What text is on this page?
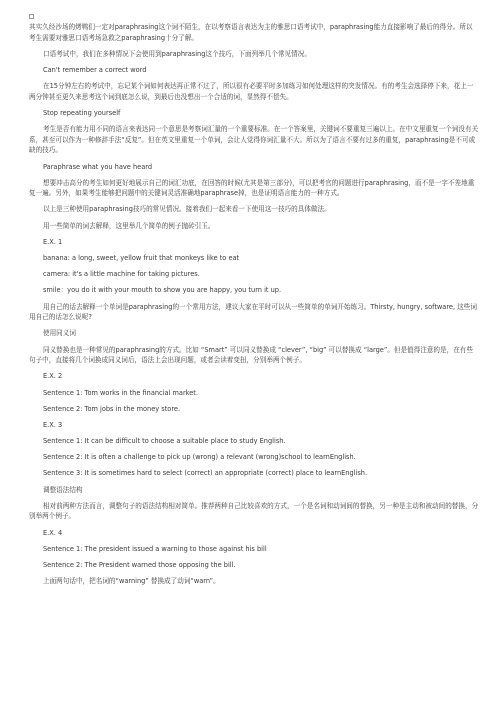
其实久经沙场的烤鸭们一定对paraphrasing这个词不陌生，在以考察语言表达为主的雅思口语考试中，paraphrasing能力直接影响了最后的得分。所以考生需要对雅思口语考场急救之paraphrasing十分了解。

口语考试中，我们在多种情况下会使用到paraphrasing这个技巧，下面列举几个常见情况。

Can't remember a correct word

在15分钟左右的考试中，忘记某个词如何表达再正常不过了，所以很有必要平时多加练习如何处理这样的突发情况。有的考生会选择停下来，花上一两分钟甚至更久来思考这个词到底怎么说，到最后也没想出一个合适的词，显然得不偿失。

Stop repeating yourself

考生是否有能力用不同的语言来表达同一个意思是考察词汇量的一个重要标准。在一个答案里，关键词不要重复三遍以上。在中文里重复一个词没有关系，甚至可以作为一种修辞手法“反复”。但在英文里重复一个单词，会让人觉得你词汇量不大。所以为了语言不要有过多的重复，paraphrasing是不可或缺的技巧。

Paraphrase what you have heard

想要冲击高分的考生如何更好地展示自己的词汇功底，在回答的时候(尤其是第三部分)，可以把考官的问题进行paraphrasing，而不是一字不差地重复一遍。另外，如果考生能够把问题中的关键词灵活准确地paraphrase掉，也是证明语言能力的一种方式。

以上是三种使用paraphrasing技巧的常见情况。接着我们一起来看一下使用这一技巧的具体做法。

用一些简单的词去解释，这里举几个简单的例子抛砖引玉。

E.X. 1

banana: a long, sweet, yellow fruit that monkeys like to eat

camera: it's a little machine for taking pictures.

smile：you do it with your mouth to show you are happy, you turn it up.

用自己的话去解释一个单词是paraphrasing的一个常用方法，建议大家在平时可以从一些简单的单词开始练习。Thirsty, hungry, software, 这些词用自己的话怎么说呢?

使用同义词

同义替换也是一种常见的paraphrasing的方式。比如 “Smart” 可以同义替换成 “clever”, “big” 可以替换成 “large”。但是值得注意的是，在有些句子中，直接将几个词换成同义词后，语法上会出现问题，或者会读着变扭，分别举两个例子。

E.X. 2

Sentence 1: Tom works in the financial market.

Sentence 2: Tom jobs in the money store.

E.X. 3

Sentence 1: It can be difficult to choose a suitable place to study English.

Sentence 2: It is often a challenge to pick up (wrong) a relevant (wrong)school to learnEnglish.

Sentence 3: It is sometimes hard to select (correct) an appropriate (correct) place to learnEnglish.

调整语法结构

相对前两种方法而言，调整句子的语法结构相对简单。推荐两种自己比较喜欢的方式，一个是名词和动词间的替换，另一种是主动和被动间的替换，分别举两个例子。

E.X. 4

Sentence 1: The president issued a warning to those against his bill

Sentence 2: The President warned those opposing the bill.

上面两句话中，把名词的“warning” 替换成了动词“warn”。
